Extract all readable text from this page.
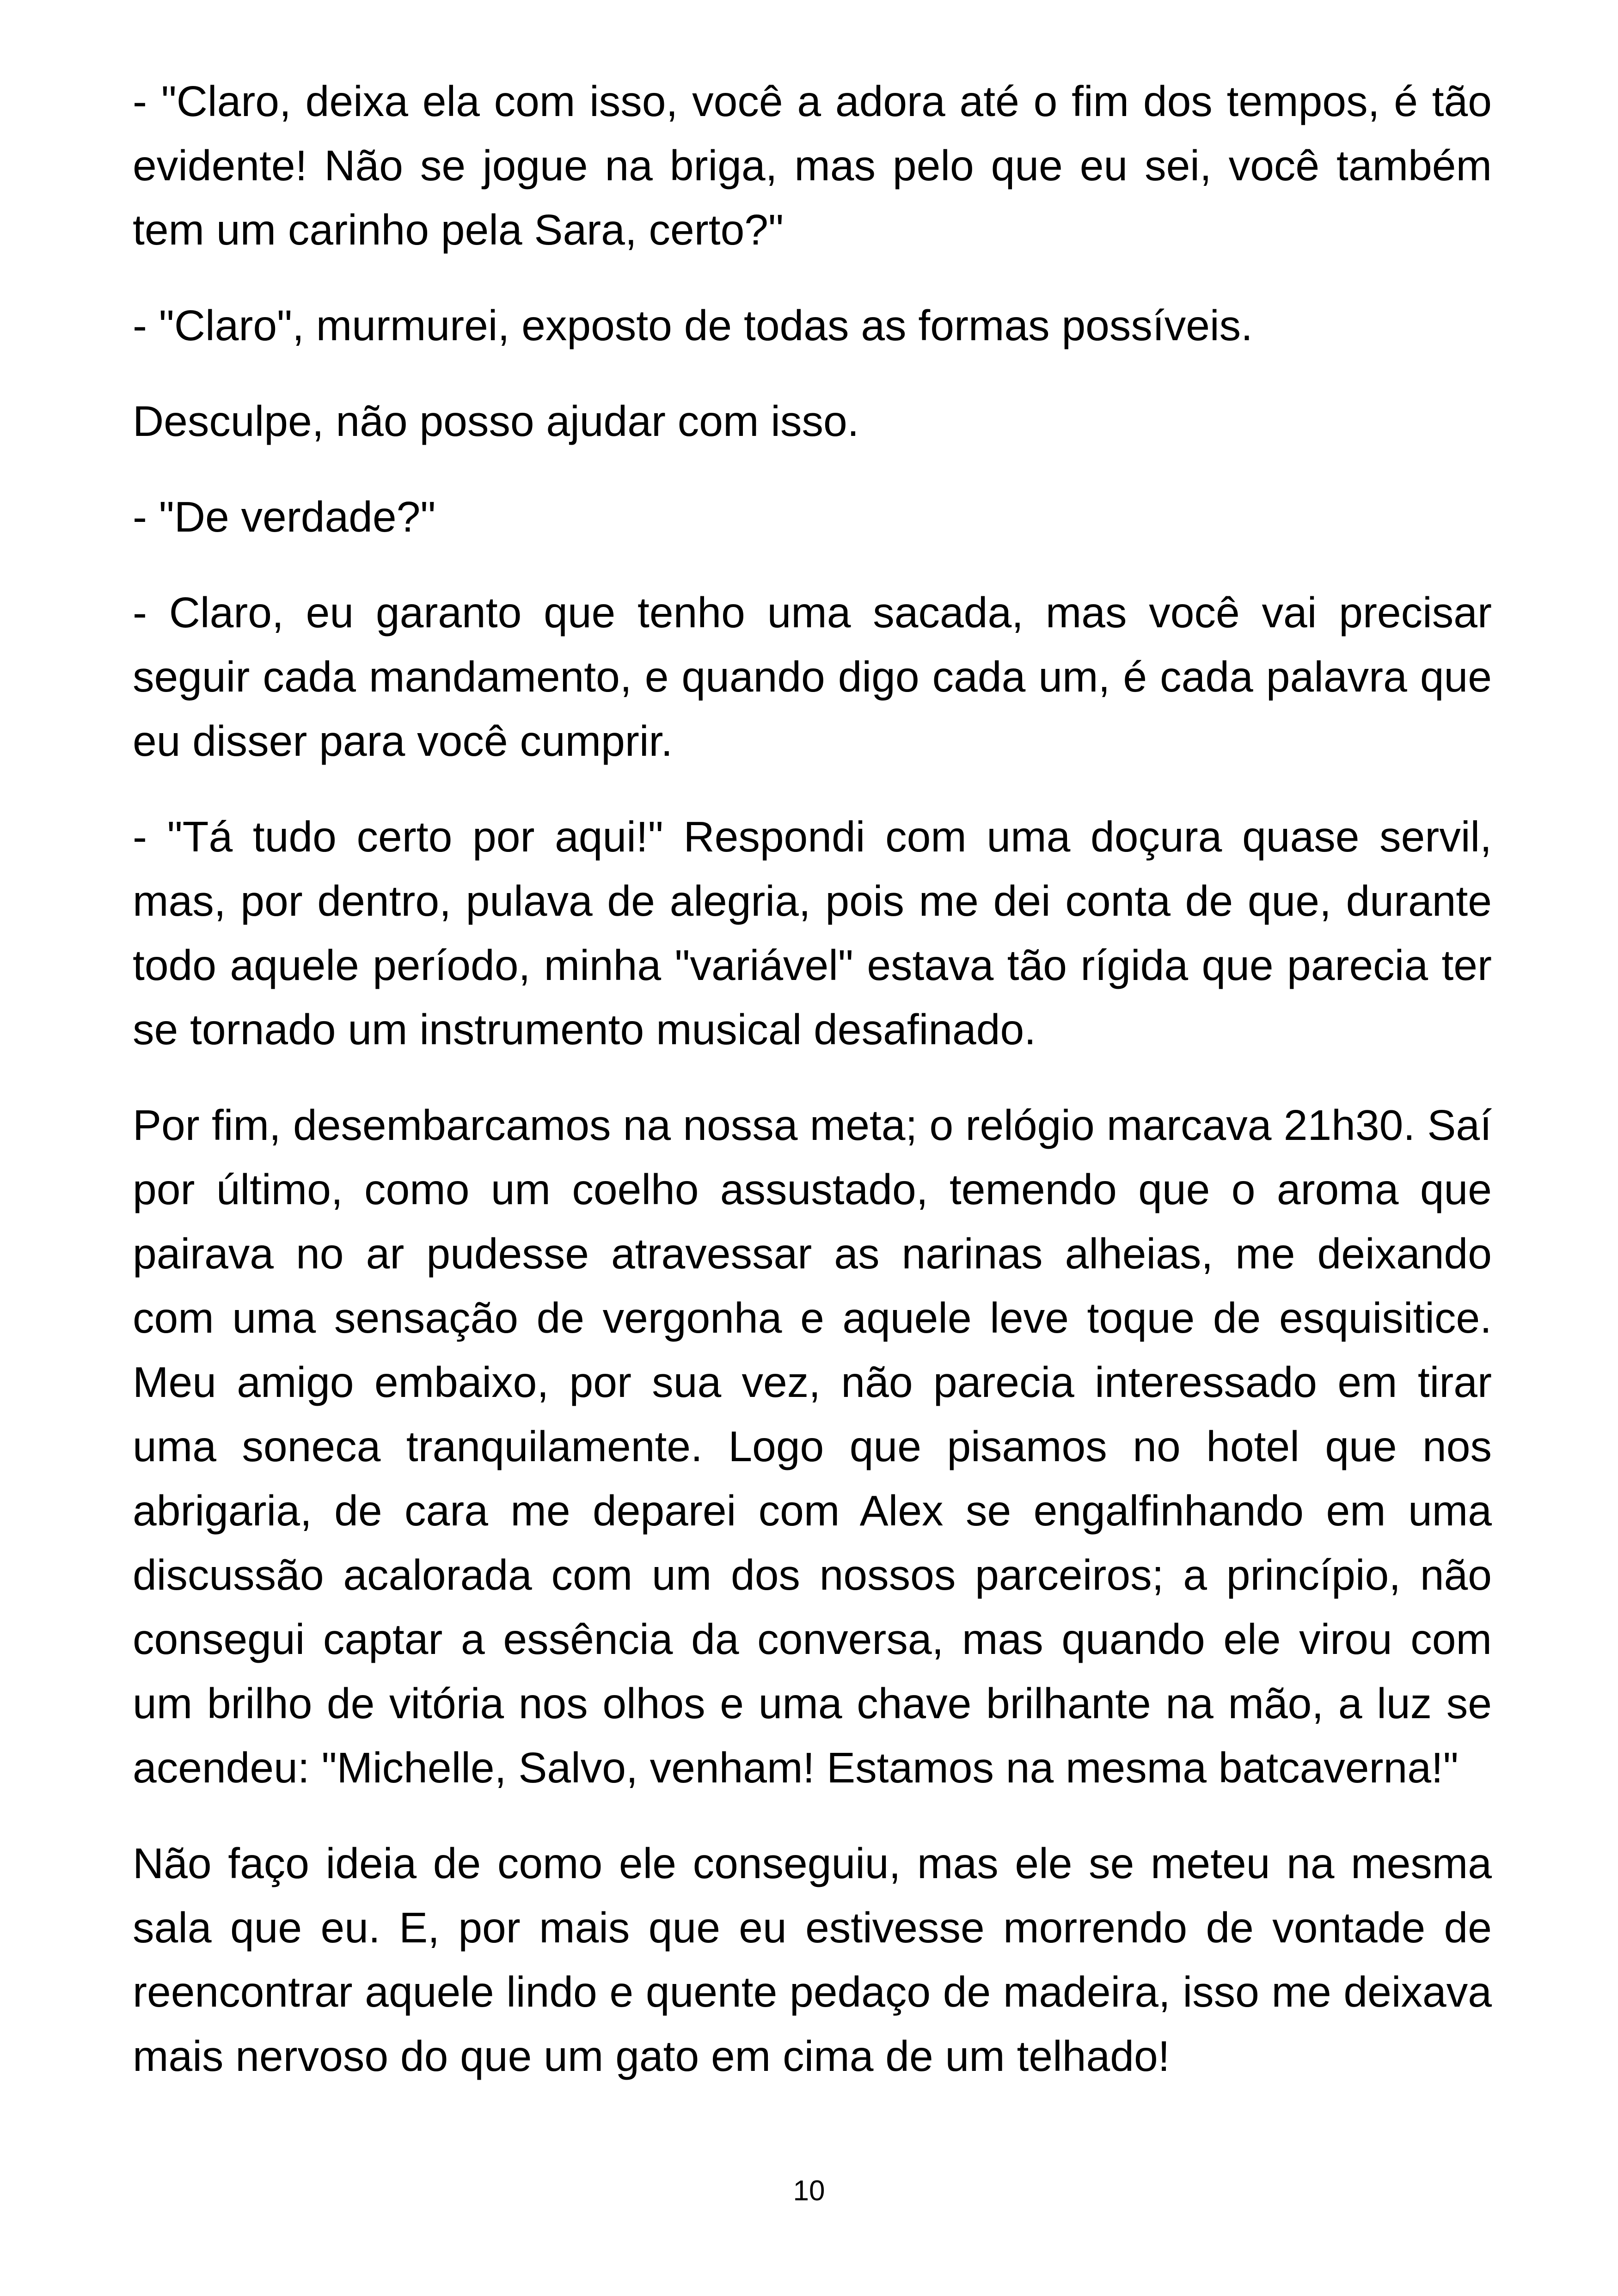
- "Claro, deixa ela com isso, você a adora até o fim dos tempos, é tão evidente! Não se jogue na briga, mas pelo que eu sei, você também tem um carinho pela Sara, certo?"

- "Claro", murmurei, exposto de todas as formas possíveis.

Desculpe, não posso ajudar com isso.

- "De verdade?"

- Claro, eu garanto que tenho uma sacada, mas você vai precisar seguir cada mandamento, e quando digo cada um, é cada palavra que eu disser para você cumprir.

- "Tá tudo certo por aqui!" Respondi com uma doçura quase servil, mas, por dentro, pulava de alegria, pois me dei conta de que, durante todo aquele período, minha "variável" estava tão rígida que parecia ter se tornado um instrumento musical desafinado.

Por fim, desembarcamos na nossa meta; o relógio marcava 21h30. Saí por último, como um coelho assustado, temendo que o aroma que pairava no ar pudesse atravessar as narinas alheias, me deixando com uma sensação de vergonha e aquele leve toque de esquisitice. Meu amigo embaixo, por sua vez, não parecia interessado em tirar uma soneca tranquilamente. Logo que pisamos no hotel que nos abrigaria, de cara me deparei com Alex se engalfinhando em uma discussão acalorada com um dos nossos parceiros; a princípio, não consegui captar a essência da conversa, mas quando ele virou com um brilho de vitória nos olhos e uma chave brilhante na mão, a luz se acendeu: "Michelle, Salvo, venham! Estamos na mesma batcaverna!"

Não faço ideia de como ele conseguiu, mas ele se meteu na mesma sala que eu. E, por mais que eu estivesse morrendo de vontade de reencontrar aquele lindo e quente pedaço de madeira, isso me deixava mais nervoso do que um gato em cima de um telhado!

10
